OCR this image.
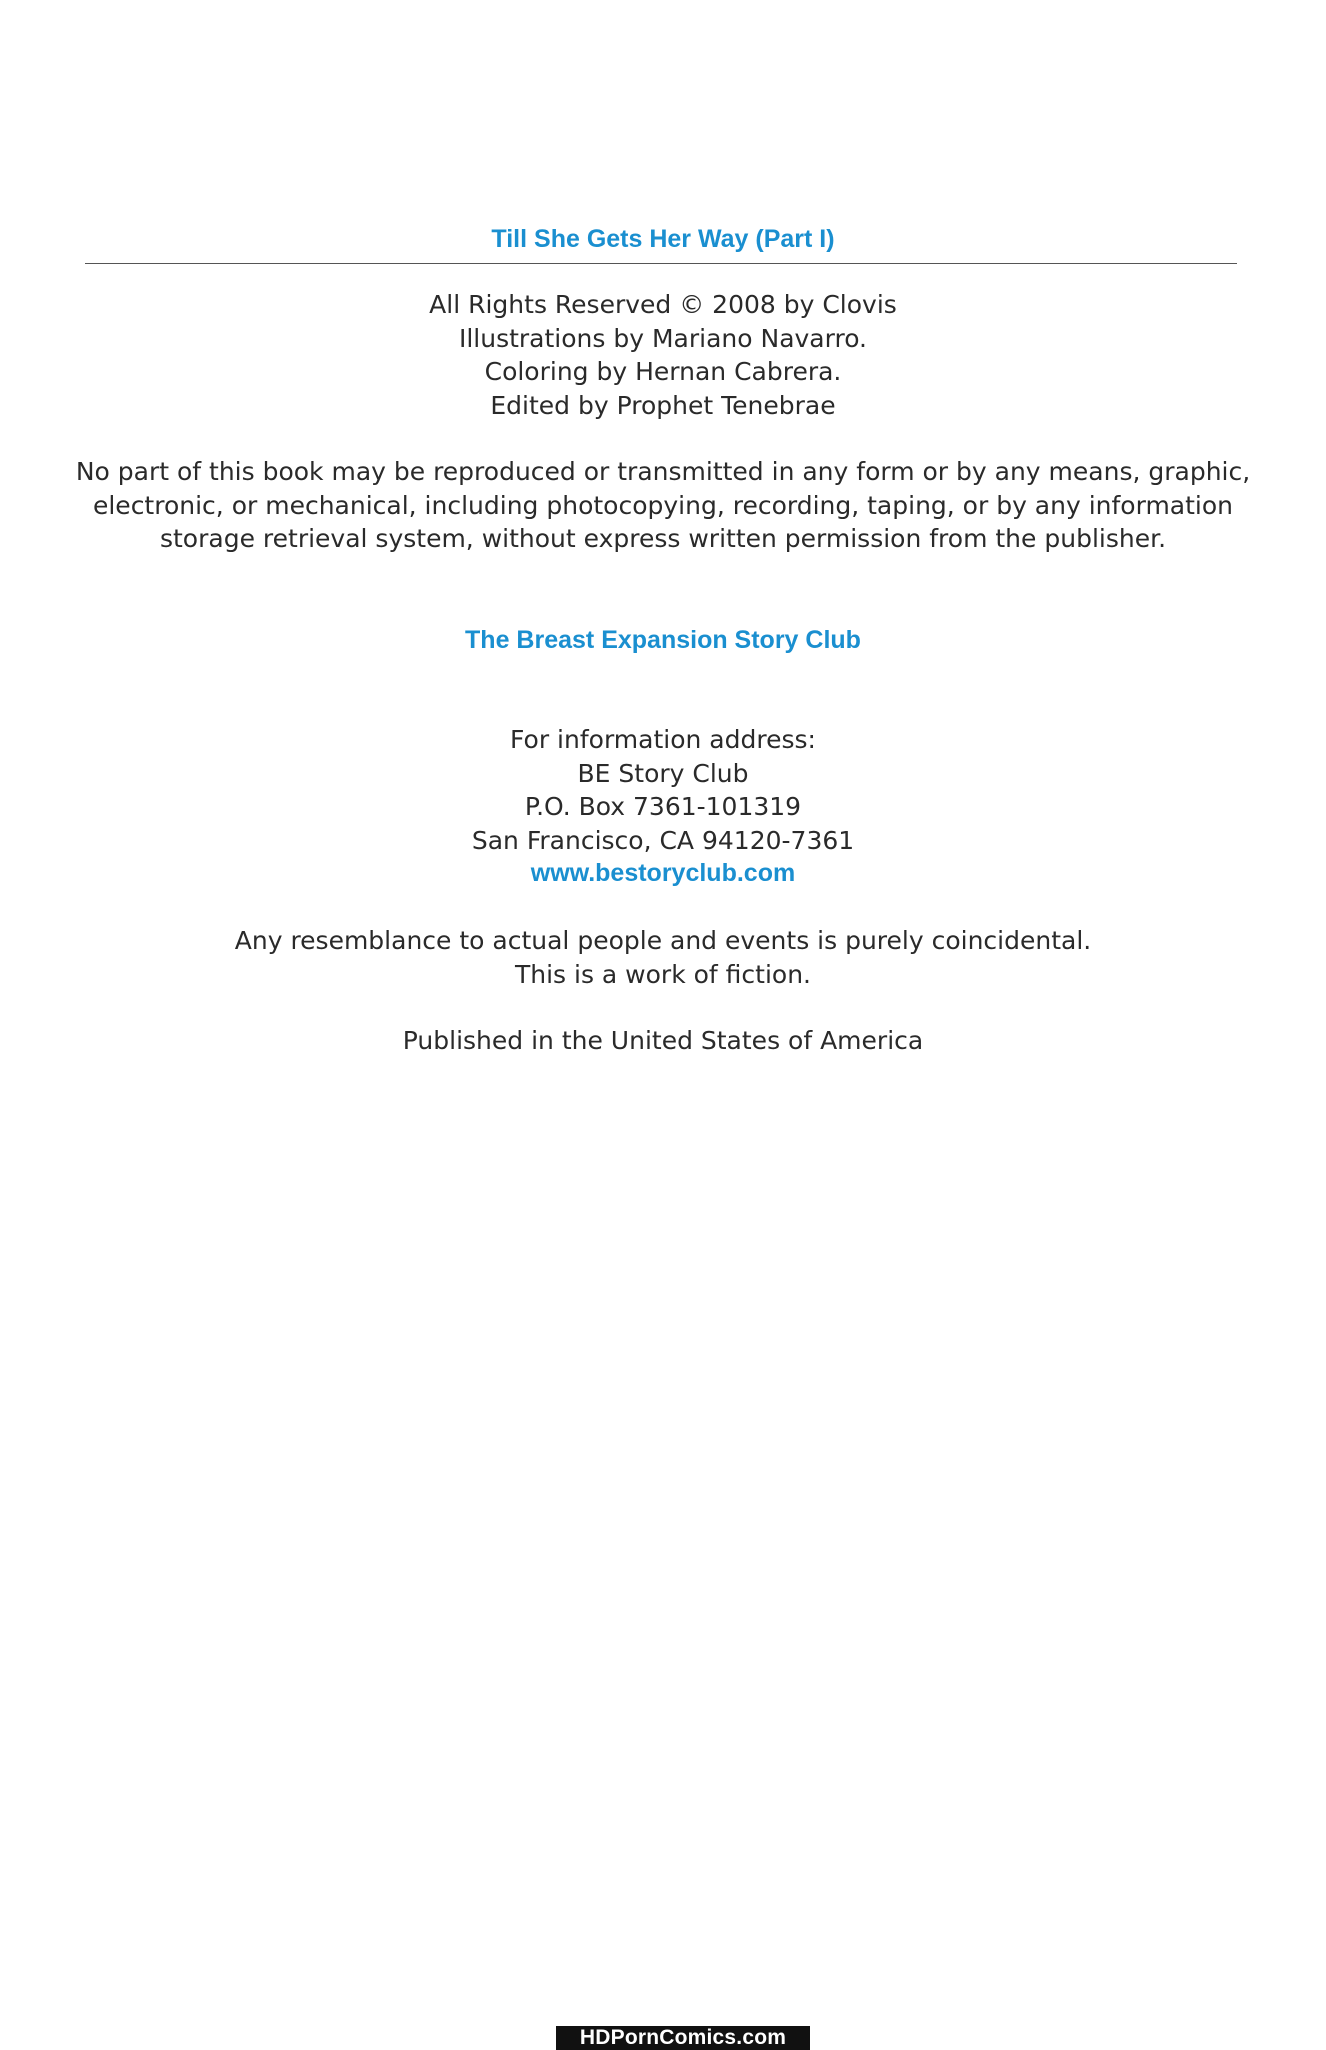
Till She Gets Her Way (Part I)
All Rights Reserved © 2008 by Clovis
Illustrations by Mariano Navarro.
Coloring by Hernan Cabrera.
Edited by Prophet Tenebrae
No part of this book may be reproduced or transmitted in any form or by any means, graphic,
electronic, or mechanical, including photocopying, recording, taping, or by any information
storage retrieval system, without express written permission from the publisher.
The Breast Expansion Story Club
For information address:
BE Story Club
P.O. Box 7361-101319
San Francisco, CA 94120-7361
www.bestoryclub.com
Any resemblance to actual people and events is purely coincidental.
This is a work of fiction.
Published in the United States of America
HDPornComics.com
